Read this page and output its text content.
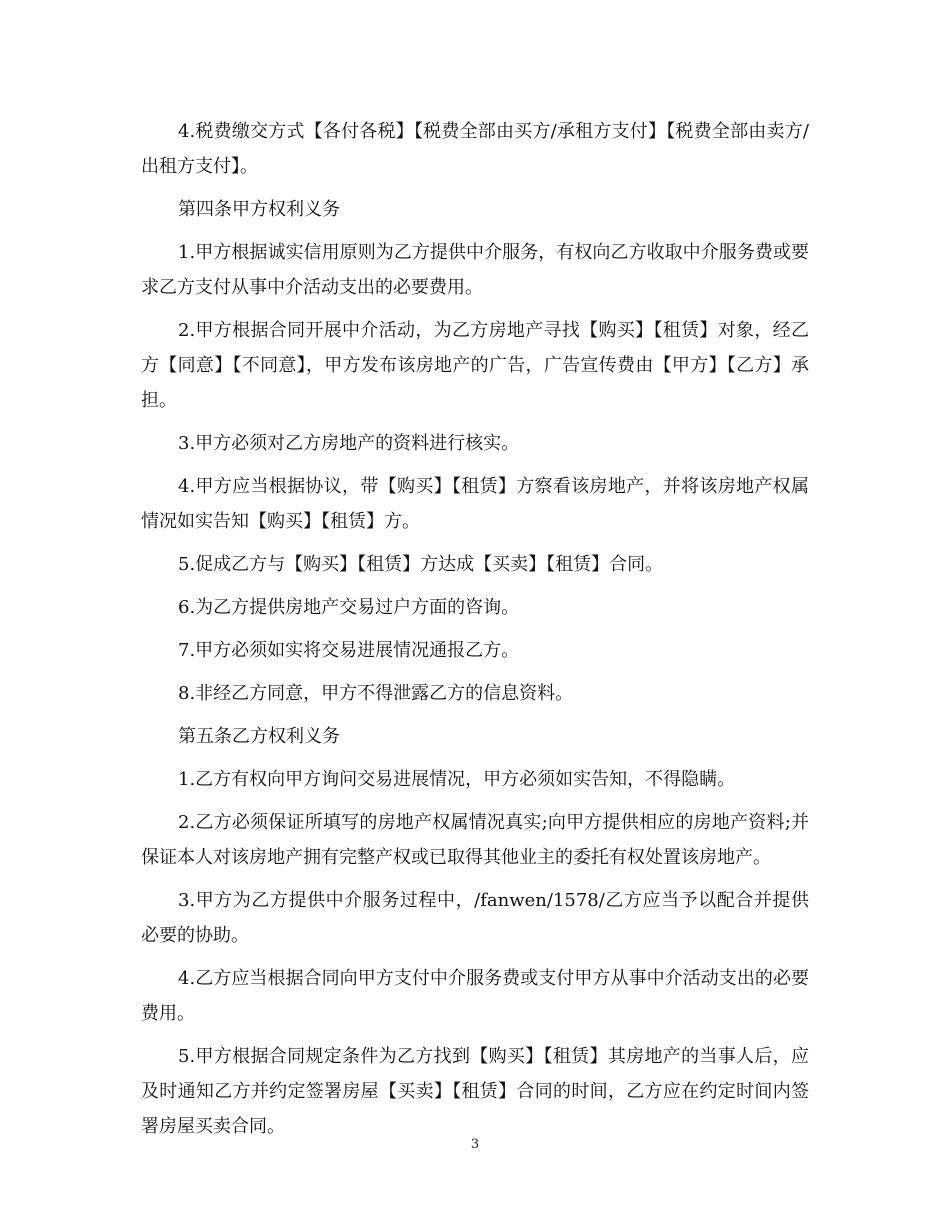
4.税费缴交方式【各付各税】【税费全部由买方/承租方支付】【税费全部由卖方/出租方支付】。

第四条甲方权利义务

1.甲方根据诚实信用原则为乙方提供中介服务，有权向乙方收取中介服务费或要求乙方支付从事中介活动支出的必要费用。

2.甲方根据合同开展中介活动，为乙方房地产寻找【购买】【租赁】对象，经乙方【同意】【不同意】，甲方发布该房地产的广告，广告宣传费由【甲方】【乙方】承担。

3.甲方必须对乙方房地产的资料进行核实。

4.甲方应当根据协议，带【购买】【租赁】方察看该房地产，并将该房地产权属情况如实告知【购买】【租赁】方。

5.促成乙方与【购买】【租赁】方达成【买卖】【租赁】合同。

6.为乙方提供房地产交易过户方面的咨询。

7.甲方必须如实将交易进展情况通报乙方。

8.非经乙方同意，甲方不得泄露乙方的信息资料。

第五条乙方权利义务

1.乙方有权向甲方询问交易进展情况，甲方必须如实告知，不得隐瞒。

2.乙方必须保证所填写的房地产权属情况真实;向甲方提供相应的房地产资料;并保证本人对该房地产拥有完整产权或已取得其他业主的委托有权处置该房地产。

3.甲方为乙方提供中介服务过程中，/fanwen/1578/乙方应当予以配合并提供必要的协助。

4.乙方应当根据合同向甲方支付中介服务费或支付甲方从事中介活动支出的必要费用。

5.甲方根据合同规定条件为乙方找到【购买】【租赁】其房地产的当事人后，应及时通知乙方并约定签署房屋【买卖】【租赁】合同的时间，乙方应在约定时间内签署房屋买卖合同。

3
